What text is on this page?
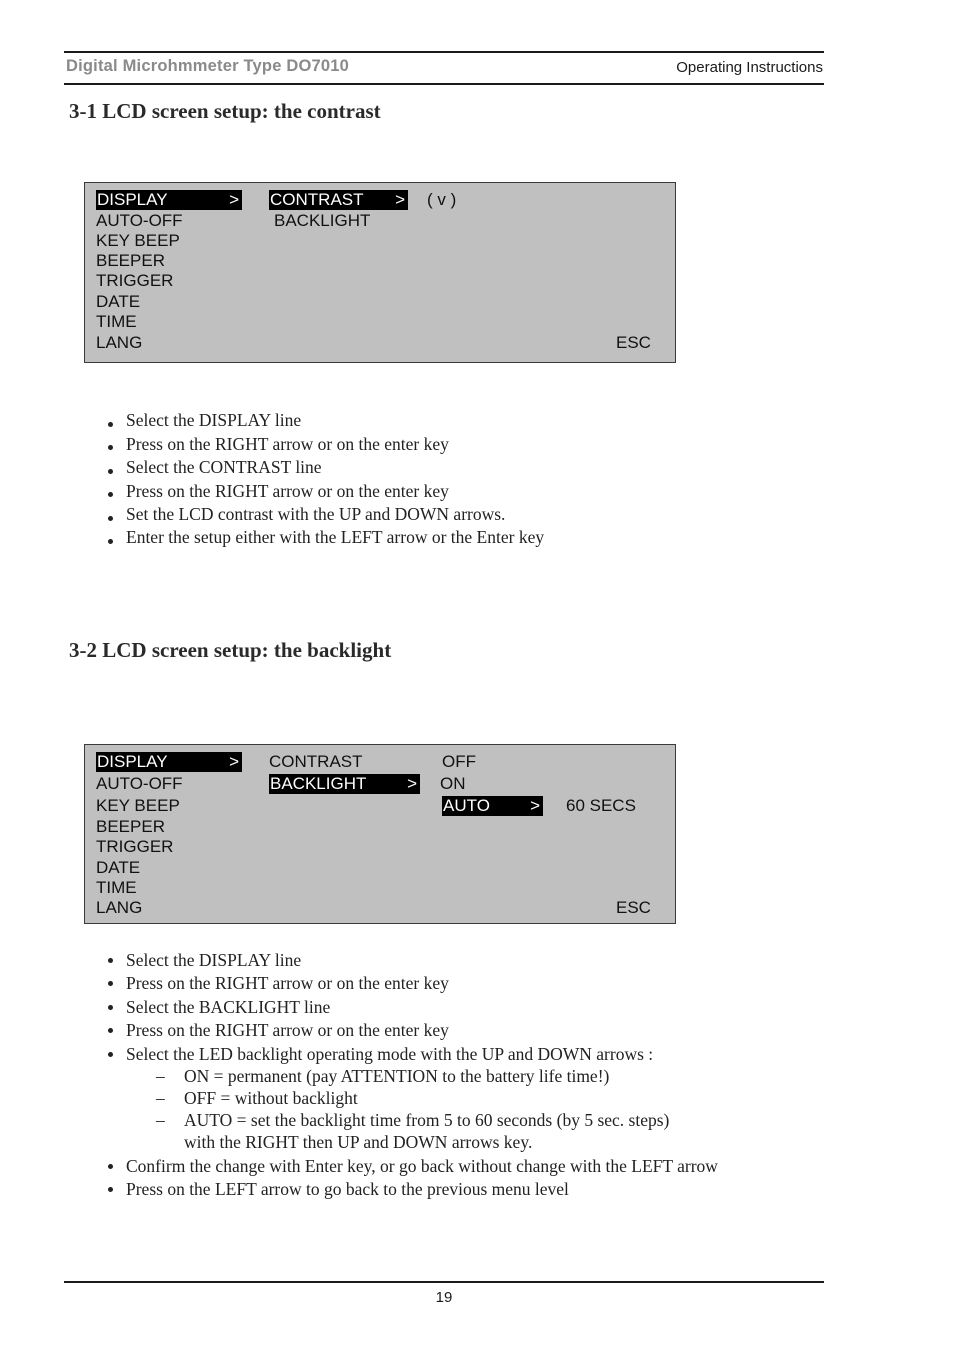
Digital Microhmmeter Type DO7010	Operating Instructions
3-1 LCD screen setup: the contrast
DISPLAY	>
AUTO-OFF
KEY BEEP
BEEPER
TRIGGER
DATE
TIME
LANG
CONTRAST >
BACKLIGHT
( v )
ESC
Select the DISPLAY line
Press on the RIGHT arrow or on the enter key
Select the CONTRAST line
Press on the RIGHT arrow or on the enter key
Set the LCD contrast with the UP and DOWN arrows.
Enter the setup either with the LEFT arrow or the Enter key
3-2 LCD screen setup: the backlight
DISPLAY	>
AUTO-OFF
KEY BEEP
BEEPER
TRIGGER
DATE
TIME
LANG
CONTRAST
BACKLIGHT >
OFF
ON
AUTO > 60 SECS
ESC
Select the DISPLAY line
Press on the RIGHT arrow or on the enter key
Select the BACKLIGHT line
Press on the RIGHT arrow or on the enter key
Select the LED backlight operating mode with the UP and DOWN arrows :
– ON = permanent (pay ATTENTION to the battery life time!)
– OFF = without backlight
– AUTO = set the backlight time from 5 to 60 seconds (by 5 sec. steps)
with the RIGHT then UP and DOWN arrows key.
Confirm the change with Enter key, or go back without change with the LEFT arrow
Press on the LEFT arrow to go back to the previous menu level
19
